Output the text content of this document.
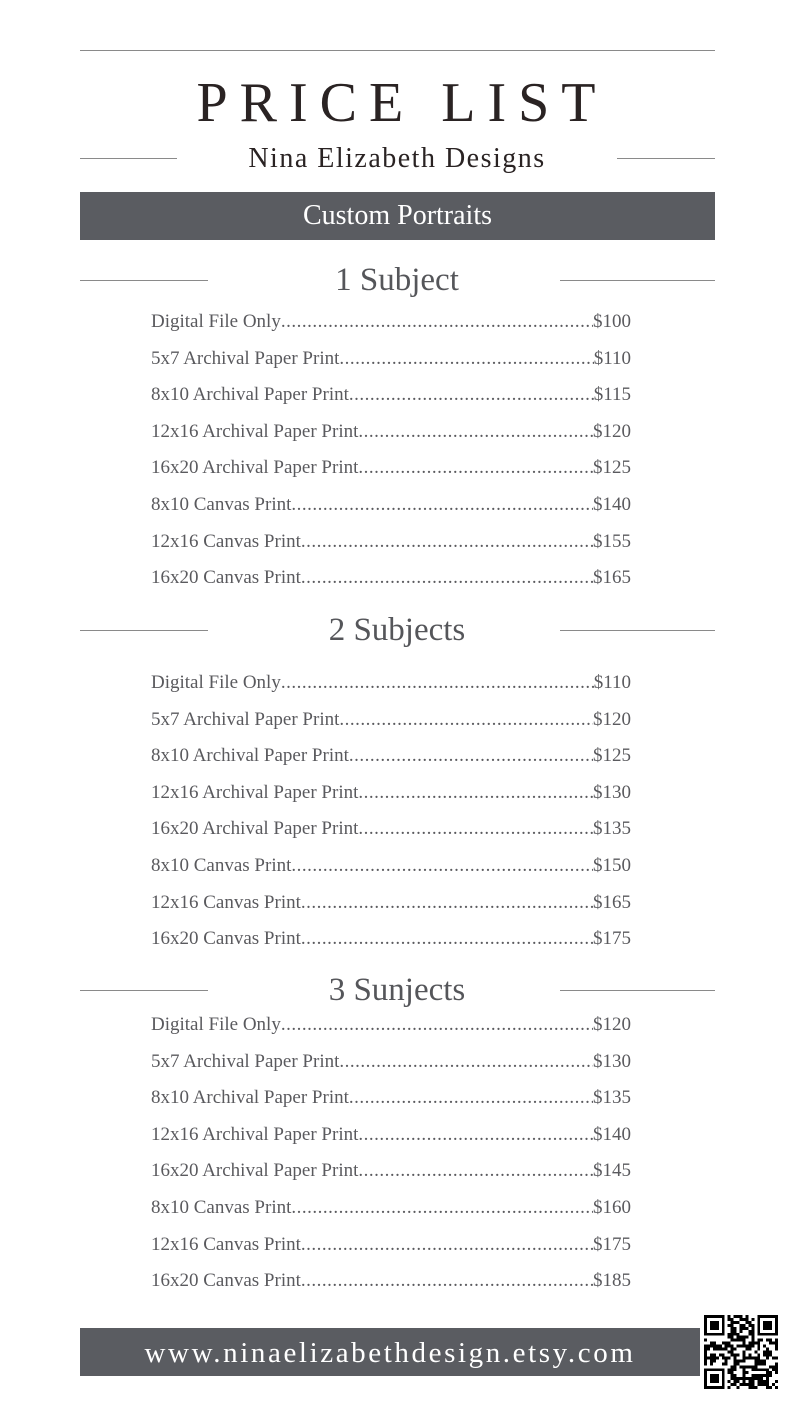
PRICE LIST
Nina Elizabeth Designs
Custom Portraits
1 Subject
Digital File Only .....	$100
5x7 Archival Paper Print .....	$110
8x10 Archival Paper Print .....	$115
12x16 Archival Paper Print .....	$120
16x20 Archival Paper Print .....	$125
8x10 Canvas Print .....	$140
12x16 Canvas Print .....	$155
16x20 Canvas Print .....	$165
2 Subjects
Digital File Only .....	$110
5x7 Archival Paper Print .....	$120
8x10 Archival Paper Print .....	$125
12x16 Archival Paper Print .....	$130
16x20 Archival Paper Print .....	$135
8x10 Canvas Print .....	$150
12x16 Canvas Print .....	$165
16x20 Canvas Print .....	$175
3 Sunjects
Digital File Only .....	$120
5x7 Archival Paper Print .....	$130
8x10 Archival Paper Print .....	$135
12x16 Archival Paper Print .....	$140
16x20 Archival Paper Print .....	$145
8x10 Canvas Print .....	$160
12x16 Canvas Print .....	$175
16x20 Canvas Print .....	$185
www.ninaelizabethdesign.etsy.com
